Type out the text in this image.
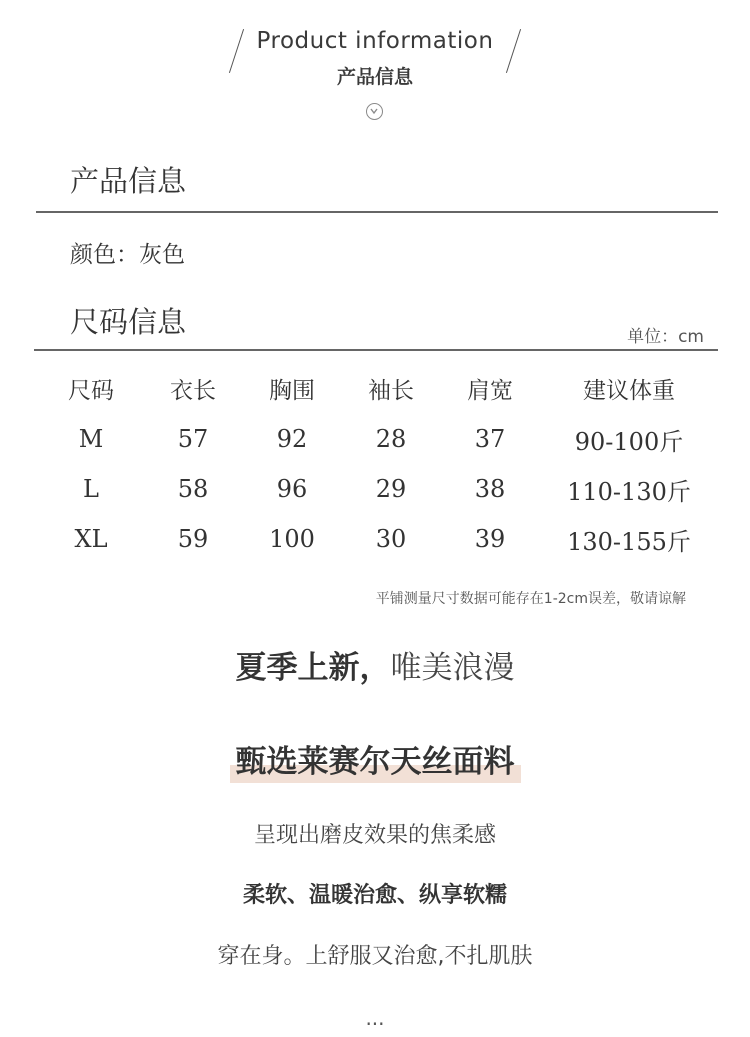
Product information
产品信息
产品信息
颜色：灰色
尺码信息	单位：cm
尺码	衣长	胸围	袖长	肩宽	建议体重
M	57	92	28	37	90-100斤
L	58	96	29	38	110-130斤
XL	59	100	30	39	130-155斤
平铺测量尺寸数据可能存在1-2cm误差，敬请谅解
夏季上新，唯美浪漫
甄选莱赛尔天丝面料
呈现出磨皮效果的焦柔感
柔软、温暖治愈、纵享软糯
穿在身。上舒服又治愈,不扎肌肤
...
